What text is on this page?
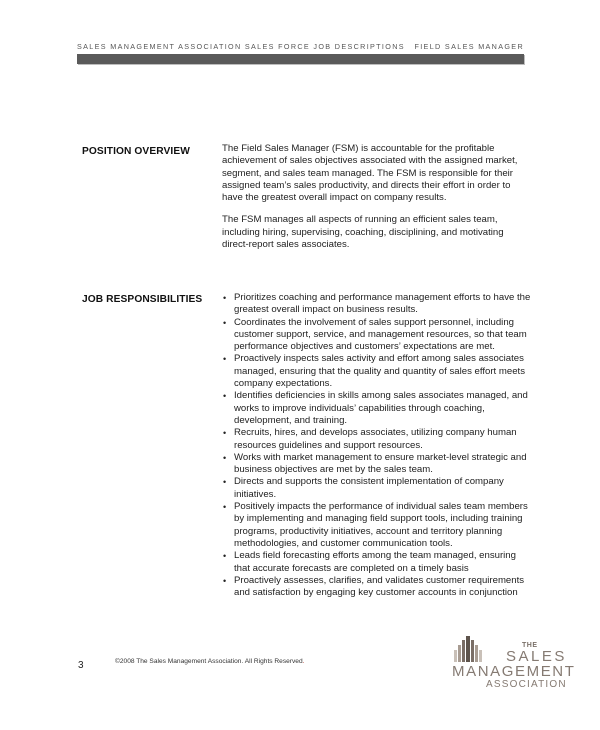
SALES MANAGEMENT ASSOCIATION SALES FORCE JOB DESCRIPTIONS FIELD SALES MANAGER
POSITION OVERVIEW	The Field Sales Manager (FSM) is accountable for the profitable achievement of sales objectives associated with the assigned market, segment, and sales team managed. The FSM is responsible for their assigned team’s sales productivity, and directs their effort in order to have the greatest overall impact on company results.

The FSM manages all aspects of running an efficient sales team, including hiring, supervising, coaching, disciplining, and motivating direct-report sales associates.

JOB RESPONSIBILITIES • Prioritizes coaching and performance management efforts to have the greatest overall impact on business results.
• Coordinates the involvement of sales support personnel, including customer support, service, and management resources, so that team performance objectives and customers’ expectations are met.
• Proactively inspects sales activity and effort among sales associates managed, ensuring that the quality and quantity of sales effort meets company expectations.
• Identifies deficiencies in skills among sales associates managed, and works to improve individuals’ capabilities through coaching, development, and training.
• Recruits, hires, and develops associates, utilizing company human resources guidelines and support resources.
• Works with market management to ensure market-level strategic and business objectives are met by the sales team.
• Directs and supports the consistent implementation of company initiatives.
• Positively impacts the performance of individual sales team members by implementing and managing field support tools, including training programs, productivity initiatives, account and territory planning methodologies, and customer communication tools.
• Leads field forecasting efforts among the team managed, ensuring that accurate forecasts are completed on a timely basis
• Proactively assesses, clarifies, and validates customer requirements and satisfaction by engaging key customer accounts in conjunction
3	©2008 The Sales Management Association. All Rights Reserved.
THE
SALES
MANAGEMENT
ASSOCIATION
